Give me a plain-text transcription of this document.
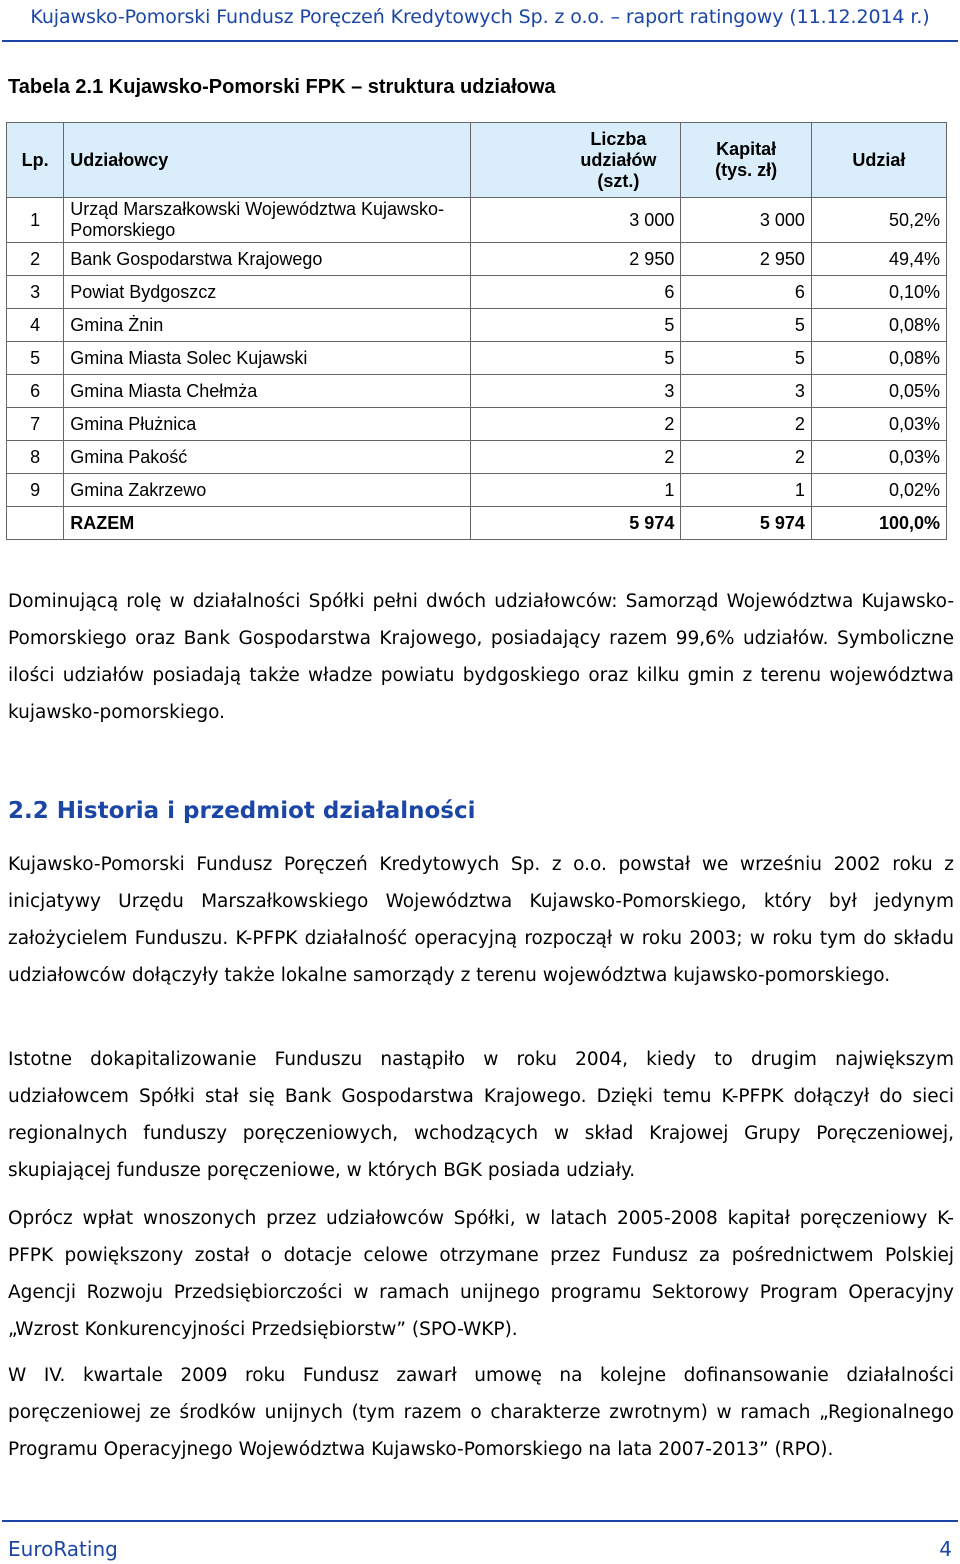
Kujawsko-Pomorski Fundusz Poręczeń Kredytowych Sp. z o.o. – raport ratingowy (11.12.2014 r.)
Tabela 2.1 Kujawsko-Pomorski FPK – struktura udziałowa
Lp.	Udziałowcy	Liczba udziałów (szt.)	Kapitał (tys. zł)	Udział
1	Urząd Marszałkowski Województwa Kujawsko-Pomorskiego	3 000	3 000	50,2%
2	Bank Gospodarstwa Krajowego	2 950	2 950	49,4%
3	Powiat Bydgoszcz	6	6	0,10%
4	Gmina Żnin	5	5	0,08%
5	Gmina Miasta Solec Kujawski	5	5	0,08%
6	Gmina Miasta Chełmża	3	3	0,05%
7	Gmina Płużnica	2	2	0,03%
8	Gmina Pakość	2	2	0,03%
9	Gmina Zakrzewo	1	1	0,02%
	RAZEM	5 974	5 974	100,0%

Dominującą rolę w działalności Spółki pełni dwóch udziałowców: Samorząd Województwa Kujawsko-Pomorskiego oraz Bank Gospodarstwa Krajowego, posiadający razem 99,6% udziałów. Symboliczne ilości udziałów posiadają także władze powiatu bydgoskiego oraz kilku gmin z terenu województwa kujawsko-pomorskiego.

2.2 Historia i przedmiot działalności

Kujawsko-Pomorski Fundusz Poręczeń Kredytowych Sp. z o.o. powstał we wrześniu 2002 roku z inicjatywy Urzędu Marszałkowskiego Województwa Kujawsko-Pomorskiego, który był jedynym założycielem Funduszu. K-PFPK działalność operacyjną rozpoczął w roku 2003; w roku tym do składu udziałowców dołączyły także lokalne samorządy z terenu województwa kujawsko-pomorskiego.

Istotne dokapitalizowanie Funduszu nastąpiło w roku 2004, kiedy to drugim największym udziałowcem Spółki stał się Bank Gospodarstwa Krajowego. Dzięki temu K-PFPK dołączył do sieci regionalnych funduszy poręczeniowych, wchodzących w skład Krajowej Grupy Poręczeniowej, skupiającej fundusze poręczeniowe, w których BGK posiada udziały.

Oprócz wpłat wnoszonych przez udziałowców Spółki, w latach 2005-2008 kapitał poręczeniowy K-PFPK powiększony został o dotacje celowe otrzymane przez Fundusz za pośrednictwem Polskiej Agencji Rozwoju Przedsiębiorczości w ramach unijnego programu Sektorowy Program Operacyjny „Wzrost Konkurencyjności Przedsiębiorstw” (SPO-WKP).

W IV. kwartale 2009 roku Fundusz zawarł umowę na kolejne dofinansowanie działalności poręczeniowej ze środków unijnych (tym razem o charakterze zwrotnym) w ramach „Regionalnego Programu Operacyjnego Województwa Kujawsko-Pomorskiego na lata 2007-2013” (RPO).

EuroRating	4
